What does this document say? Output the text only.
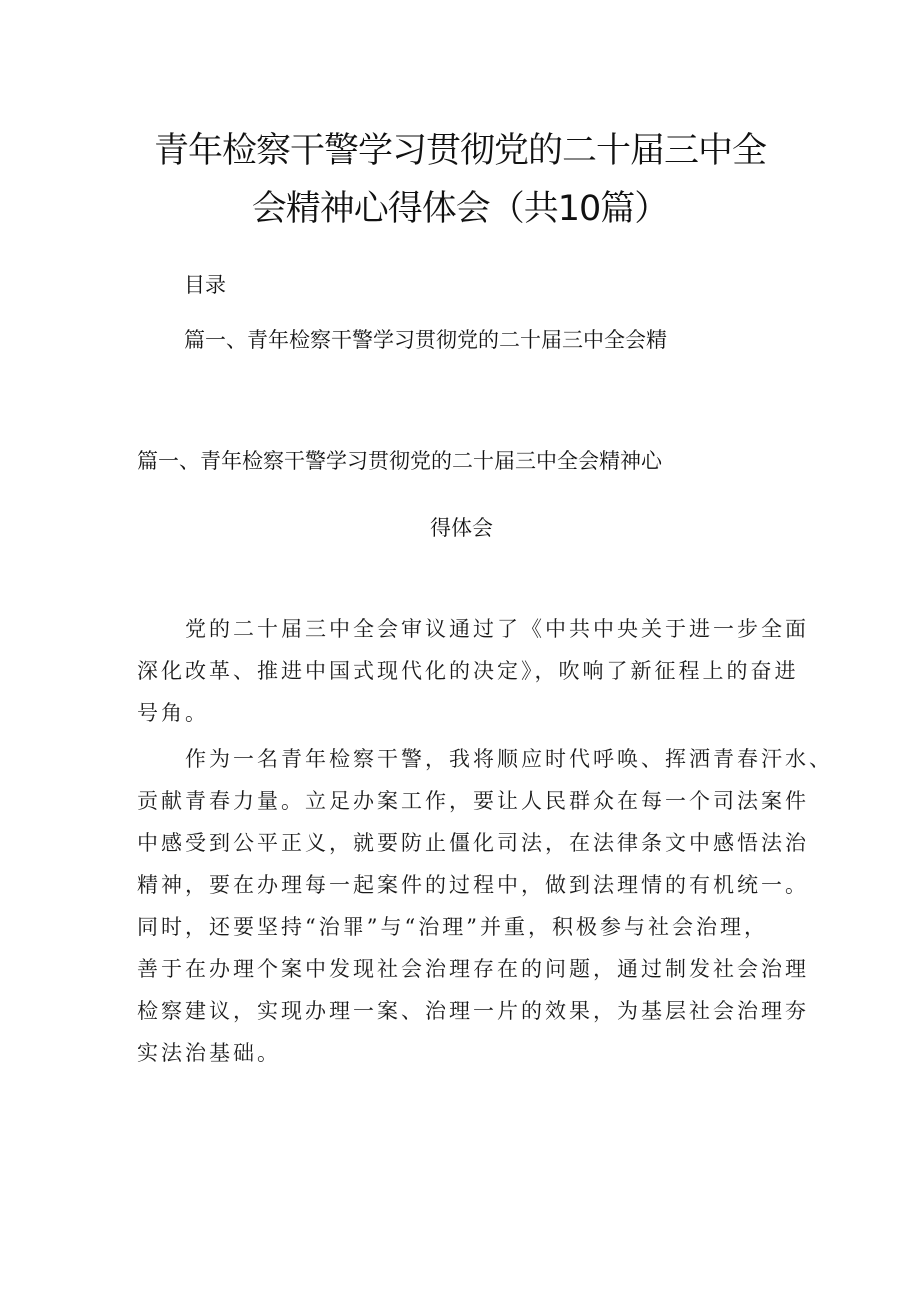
青年检察干警学习贯彻党的二十届三中全
会精神心得体会（共10篇）
目录
篇一、青年检察干警学习贯彻党的二十届三中全会精
篇一、青年检察干警学习贯彻党的二十届三中全会精神心
得体会
党的二十届三中全会审议通过了《中共中央关于进一步全面
深化改革、推进中国式现代化的决定》，吹响了新征程上的奋进
号角。
作为一名青年检察干警，我将顺应时代呼唤、挥洒青春汗水、
贡献青春力量。立足办案工作，要让人民群众在每一个司法案件
中感受到公平正义，就要防止僵化司法，在法律条文中感悟法治
精神，要在办理每一起案件的过程中，做到法理情的有机统一。
同时，还要坚持“治罪”与“治理”并重，积极参与社会治理，
善于在办理个案中发现社会治理存在的问题，通过制发社会治理
检察建议，实现办理一案、治理一片的效果，为基层社会治理夯
实法治基础。
